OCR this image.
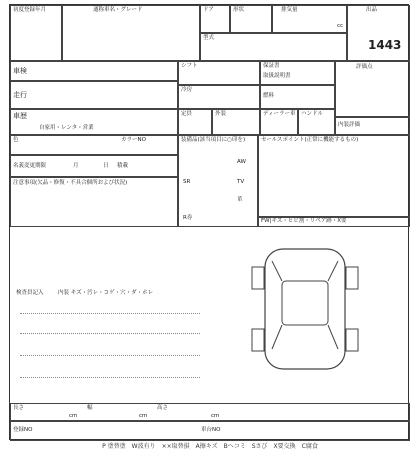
初度登録年月	通称車名・グレード	ドア	形状	排気量
cc
出品
1443
型式
車検
走行
車歴
自家用・レンタ・営業
色	カラーNO
名義変更期限	月	日 積載
注意事項(欠品・修復・不具合個所および状況)
シフト
冷房
定員	外装
保証書
取扱説明書
燃料
ディーラー車 ハンドル
評価点
内装評価
装備品(該当項目に○印を)
SR
AW
TV
革
R券
セールスポイント(正常に機能するもの)
FW|キズ・ヒビ割・リペア跡・X要
検査員記入	内装 キズ・汚レ・コゲ・穴・ダ・ホレ
長さ
cm
幅
cm
高さ
cm
登録NO	車台NO
P 塗替塗　W波有り　××取替損　A擦キズ　Bヘコミ　Sさび　X要交換　C腐食
